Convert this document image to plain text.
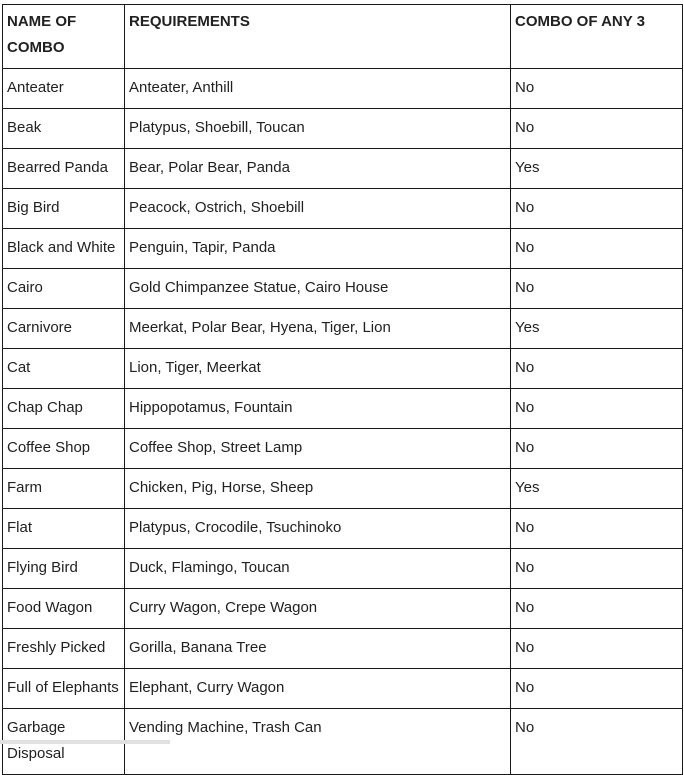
NAME OF COMBO	REQUIREMENTS	COMBO OF ANY 3
Anteater	Anteater, Anthill	No
Beak	Platypus, Shoebill, Toucan	No
Bearred Panda	Bear, Polar Bear, Panda	Yes
Big Bird	Peacock, Ostrich, Shoebill	No
Black and White	Penguin, Tapir, Panda	No
Cairo	Gold Chimpanzee Statue, Cairo House	No
Carnivore	Meerkat, Polar Bear, Hyena, Tiger, Lion	Yes
Cat	Lion, Tiger, Meerkat	No
Chap Chap	Hippopotamus, Fountain	No
Coffee Shop	Coffee Shop, Street Lamp	No
Farm	Chicken, Pig, Horse, Sheep	Yes
Flat	Platypus, Crocodile, Tsuchinoko	No
Flying Bird	Duck, Flamingo, Toucan	No
Food Wagon	Curry Wagon, Crepe Wagon	No
Freshly Picked	Gorilla, Banana Tree	No
Full of Elephants	Elephant, Curry Wagon	No
Garbage Disposal	Vending Machine, Trash Can	No
